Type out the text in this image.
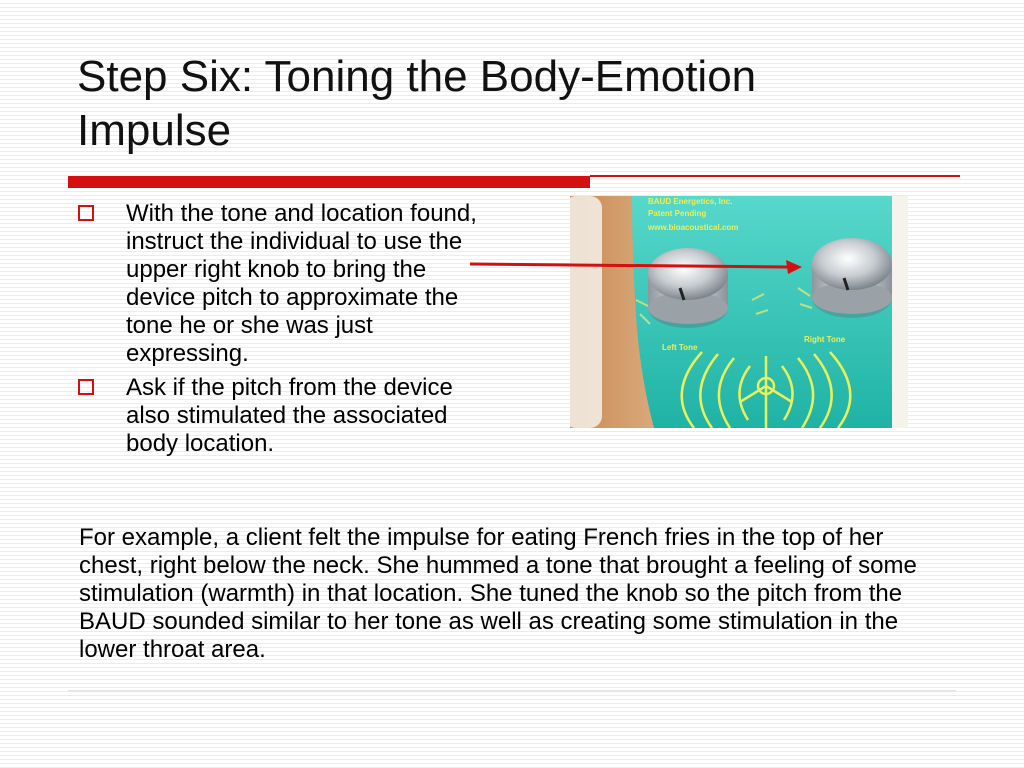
Step Six: Toning the Body-Emotion Impulse
With the tone and location found, instruct the individual to use the upper right knob to bring the device pitch to approximate the tone he or she was just expressing.
Ask if the pitch from the device also stimulated the associated body location.
BAUD Energetics, Inc.
Patent Pending
www.bioacoustical.com
Left Tone
Right Tone

For example, a client felt the impulse for eating French fries in the top of her chest, right below the neck. She hummed a tone that brought a feeling of some stimulation (warmth) in that location. She tuned the knob so the pitch from the BAUD sounded similar to her tone as well as creating some stimulation in the lower throat area.
